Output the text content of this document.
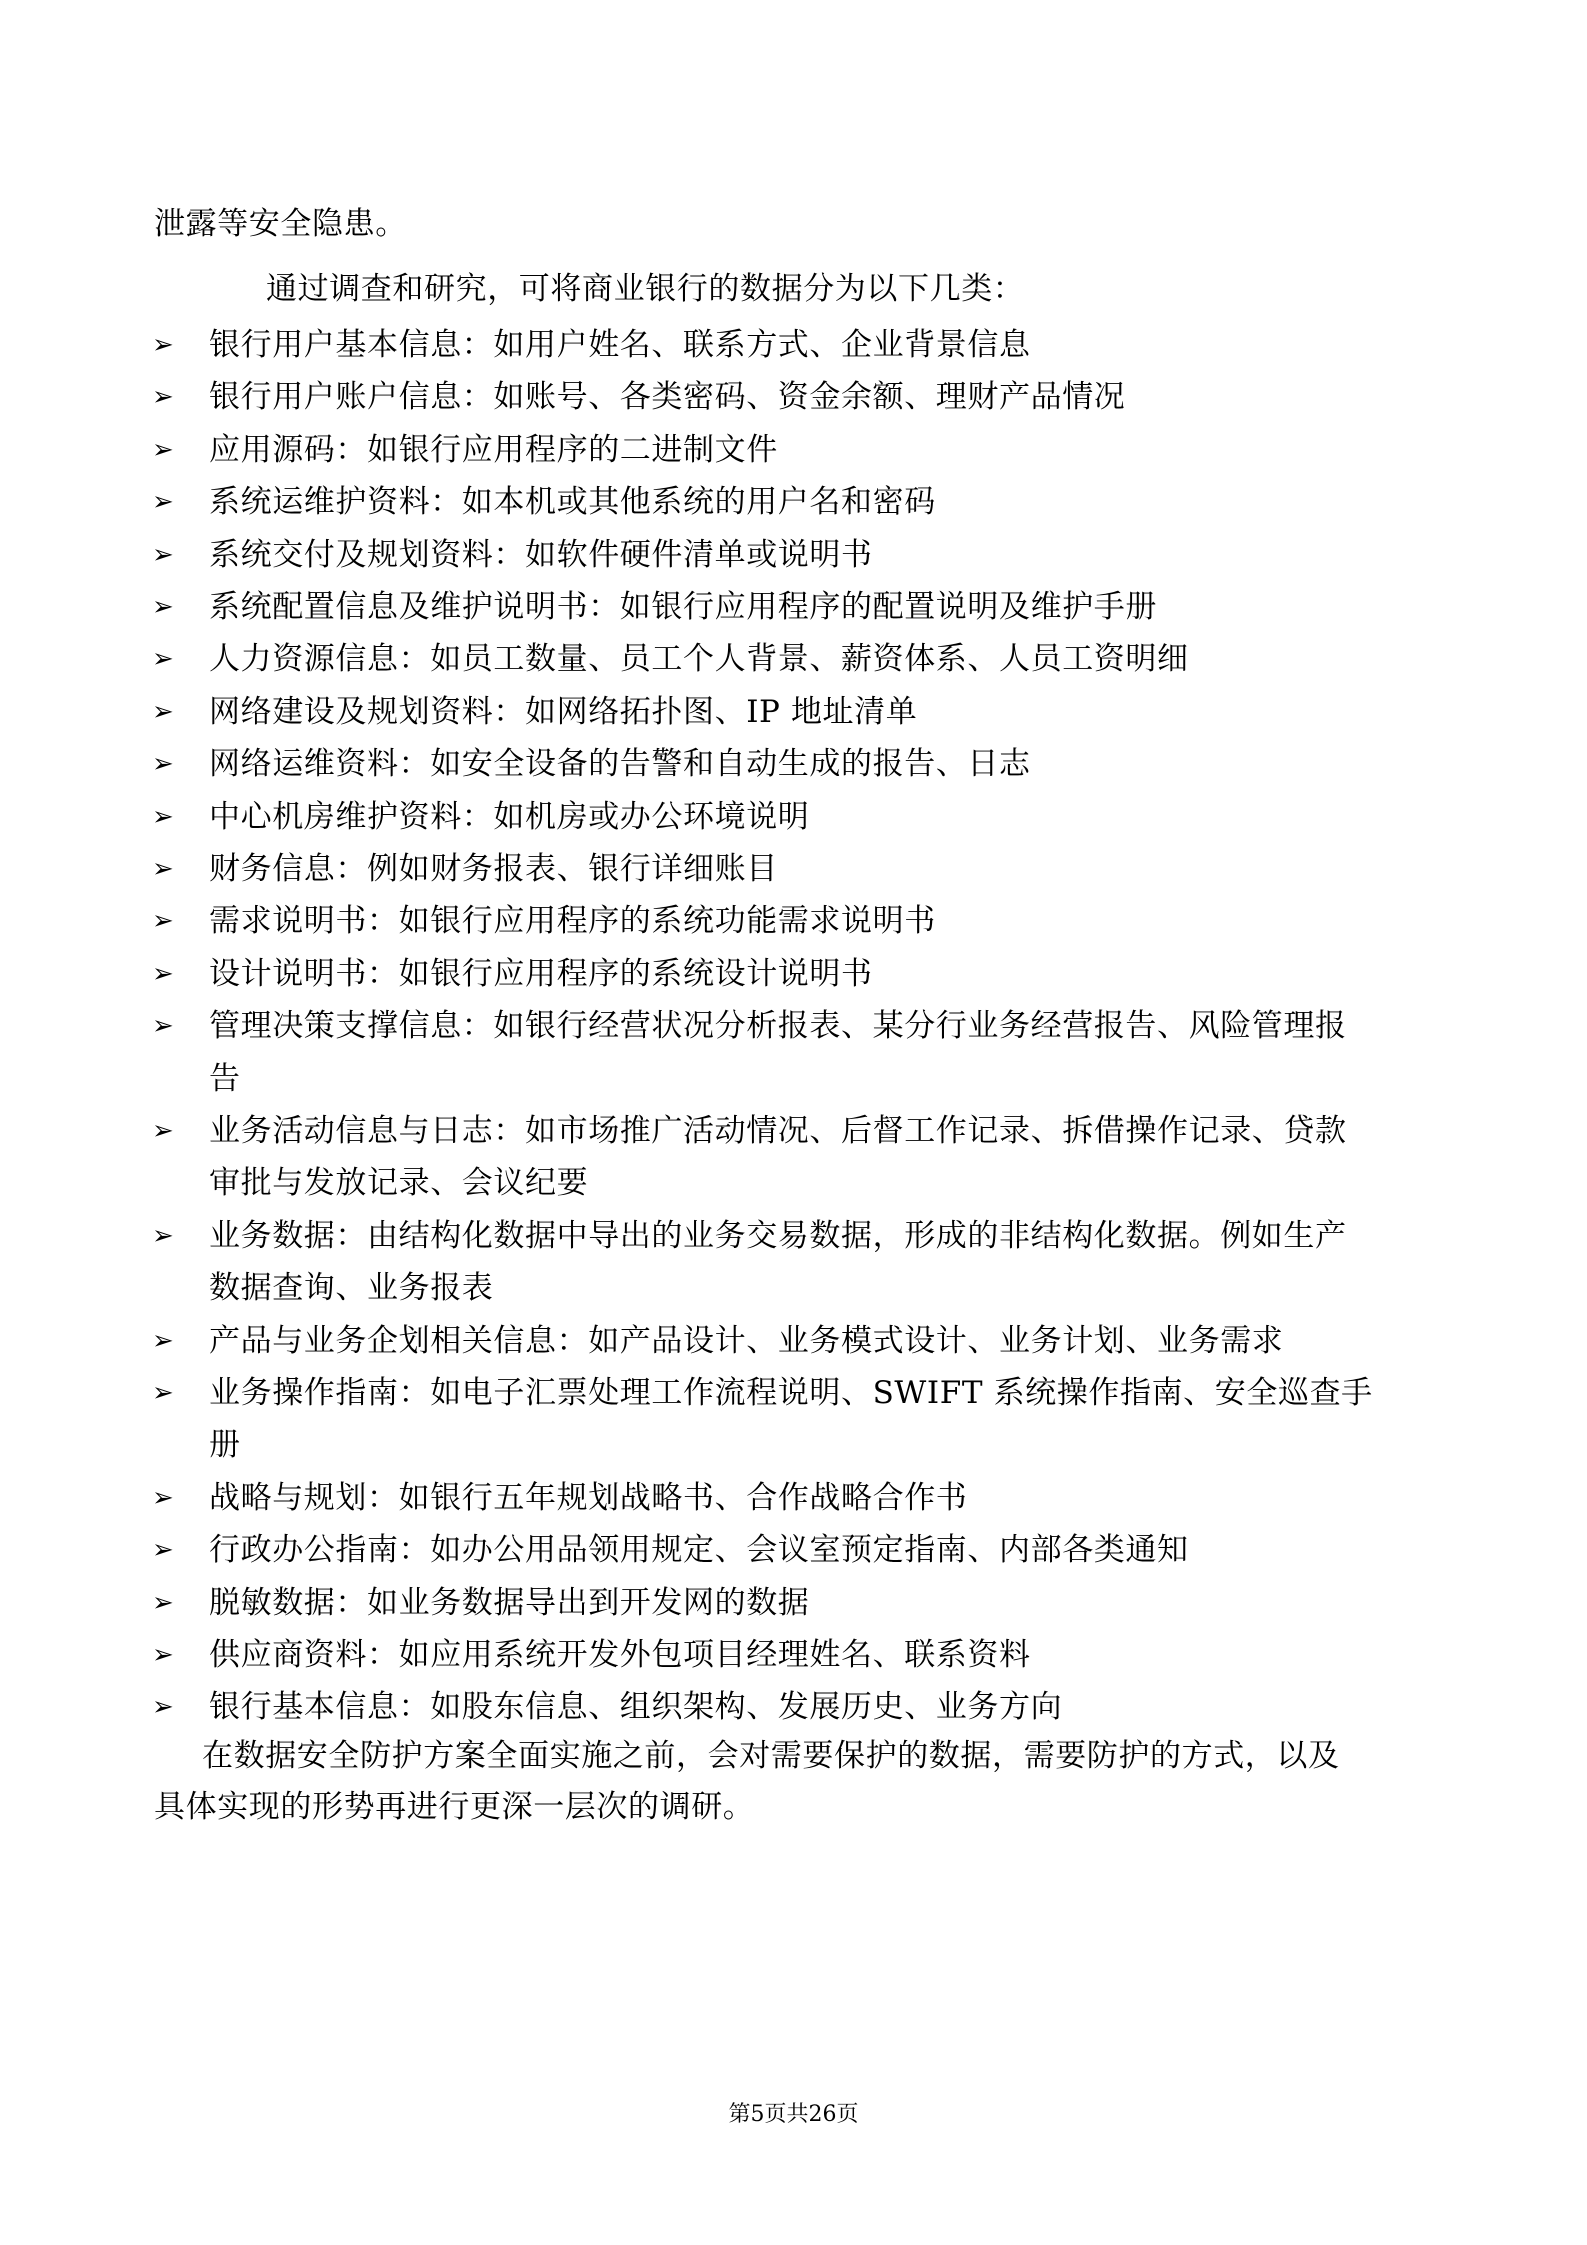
泄露等安全隐患。
通过调查和研究，可将商业银行的数据分为以下几类：
➢ 银行用户基本信息：如用户姓名、联系方式、企业背景信息
➢ 银行用户账户信息：如账号、各类密码、资金余额、理财产品情况
➢ 应用源码：如银行应用程序的二进制文件
➢ 系统运维护资料：如本机或其他系统的用户名和密码
➢ 系统交付及规划资料：如软件硬件清单或说明书
➢ 系统配置信息及维护说明书：如银行应用程序的配置说明及维护手册
➢ 人力资源信息：如员工数量、员工个人背景、薪资体系、人员工资明细
➢ 网络建设及规划资料：如网络拓扑图、IP 地址清单
➢ 网络运维资料：如安全设备的告警和自动生成的报告、日志
➢ 中心机房维护资料：如机房或办公环境说明
➢ 财务信息：例如财务报表、银行详细账目
➢ 需求说明书：如银行应用程序的系统功能需求说明书
➢ 设计说明书：如银行应用程序的系统设计说明书
➢ 管理决策支撑信息：如银行经营状况分析报表、某分行业务经营报告、风险管理报
告
➢ 业务活动信息与日志：如市场推广活动情况、后督工作记录、拆借操作记录、贷款
审批与发放记录、会议纪要
➢ 业务数据：由结构化数据中导出的业务交易数据，形成的非结构化数据。例如生产
数据查询、业务报表
➢ 产品与业务企划相关信息：如产品设计、业务模式设计、业务计划、业务需求
➢ 业务操作指南：如电子汇票处理工作流程说明、SWIFT 系统操作指南、安全巡查手
册
➢ 战略与规划：如银行五年规划战略书、合作战略合作书
➢ 行政办公指南：如办公用品领用规定、会议室预定指南、内部各类通知
➢ 脱敏数据：如业务数据导出到开发网的数据
➢ 供应商资料：如应用系统开发外包项目经理姓名、联系资料
➢ 银行基本信息：如股东信息、组织架构、发展历史、业务方向
在数据安全防护方案全面实施之前，会对需要保护的数据，需要防护的方式，以及
具体实现的形势再进行更深一层次的调研。
第5页共26页
